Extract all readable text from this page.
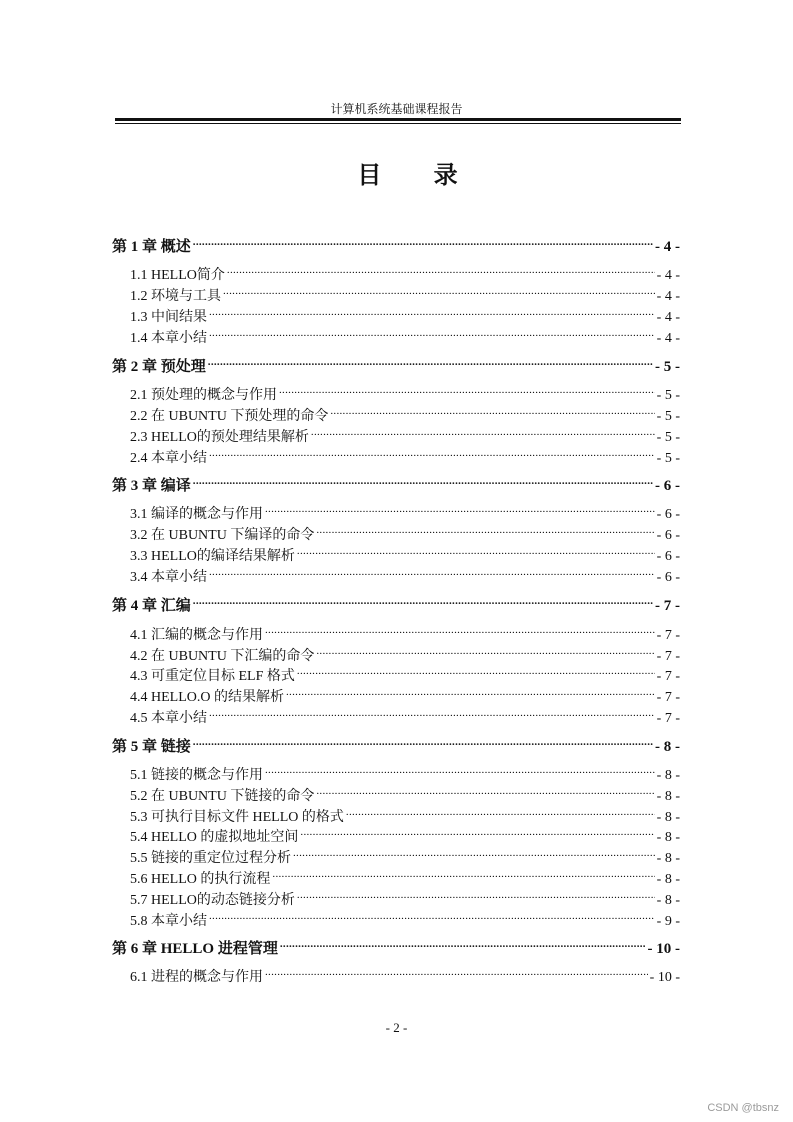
计算机系统基础课程报告
目 录
第 1 章 概述 .....	- 4 -
1.1 HELLO简介 .....	- 4 -
1.2 环境与工具 .....	- 4 -
1.3 中间结果 .....	- 4 -
1.4 本章小结 .....	- 4 -
第 2 章 预处理 .....	- 5 -
2.1 预处理的概念与作用 .....	- 5 -
2.2 在 UBUNTU 下预处理的命令 .....	- 5 -
2.3 HELLO的预处理结果解析 .....	- 5 -
2.4 本章小结 .....	- 5 -
第 3 章 编译 .....	- 6 -
3.1 编译的概念与作用 .....	- 6 -
3.2 在 UBUNTU 下编译的命令 .....	- 6 -
3.3 HELLO的编译结果解析 .....	- 6 -
3.4 本章小结 .....	- 6 -
第 4 章 汇编 .....	- 7 -
4.1 汇编的概念与作用 .....	- 7 -
4.2 在 UBUNTU 下汇编的命令 .....	- 7 -
4.3 可重定位目标 ELF 格式 .....	- 7 -
4.4 HELLO.O 的结果解析 .....	- 7 -
4.5 本章小结 .....	- 7 -
第 5 章 链接 .....	- 8 -
5.1 链接的概念与作用 .....	- 8 -
5.2 在 UBUNTU 下链接的命令 .....	- 8 -
5.3 可执行目标文件 HELLO 的格式 .....	- 8 -
5.4 HELLO 的虚拟地址空间 .....	- 8 -
5.5 链接的重定位过程分析 .....	- 8 -
5.6 HELLO 的执行流程 .....	- 8 -
5.7 HELLO的动态链接分析 .....	- 8 -
5.8 本章小结 .....	- 9 -
第 6 章 HELLO 进程管理 .....	- 10 -
6.1 进程的概念与作用 .....	- 10 -
- 2 -
CSDN @tbsnz
